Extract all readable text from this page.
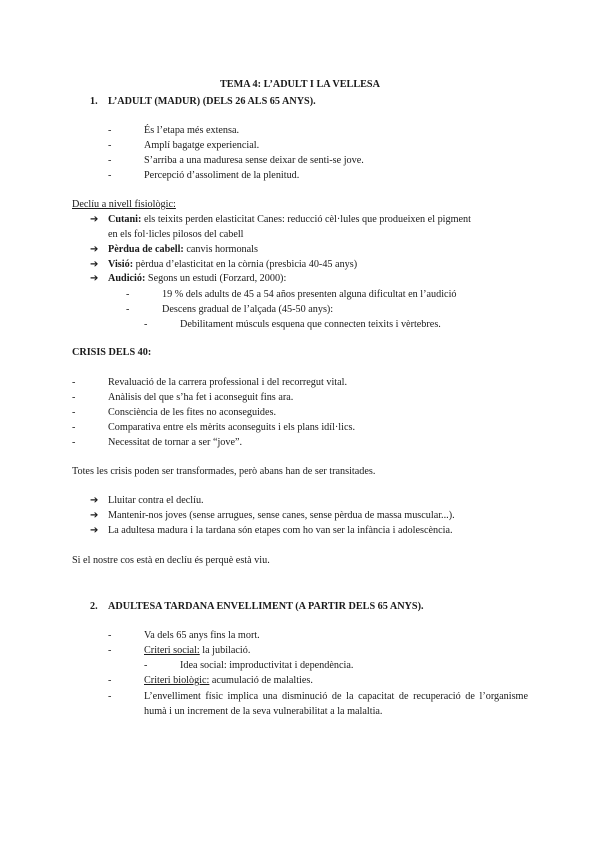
TEMA 4: L’ADULT I LA VELLESA
1. L’ADULT (MADUR) (DELS 26 ALS 65 ANYS).
- És l’etapa més extensa.
- Amplí bagatge experiencial.
- S’arriba a una maduresa sense deixar de senti-se jove.
- Percepció d’assoliment de la plenitud.
Declíu a nivell fisiològic:
➔ Cutani: els teixits perden elasticitat Canes: reducció cèl·lules que produeixen el pigment
en els fol·licles pilosos del cabell
➔ Pèrdua de cabell: canvis hormonals
➔ Visió: pèrdua d’elasticitat en la còrnia (presbicia 40-45 anys)
➔ Audició: Segons un estudi (Forzard, 2000):
- 19 % dels adults de 45 a 54 años presenten alguna dificultat en l’audició
- Descens gradual de l’alçada (45-50 anys):
- Debilitament músculs esquena que connecten teixits i vèrtebres.
CRISIS DELS 40:
- Revaluació de la carrera professional i del recorregut vital.
- Anàlisis del que s’ha fet i aconseguit fins ara.
- Consciència de les fites no aconseguides.
- Comparativa entre els mèrits aconseguits i els plans idíl·lics.
- Necessitat de tornar a ser “jove”.
Totes les crisis poden ser transformades, però abans han de ser transitades.
➔ Lluitar contra el declíu.
➔ Mantenir-nos joves (sense arrugues, sense canes, sense pèrdua de massa muscular...).
➔ La adultesa madura i la tardana són etapes com ho van ser la infància i adolescència.
Si el nostre cos està en declíu és perquè està viu.
2. ADULTESA TARDANA ENVELLIMENT (A PARTIR DELS 65 ANYS).
- Va dels 65 anys fins la mort.
- Criteri social: la jubilació.
- Idea social: improductivitat i dependència.
- Criteri biològic: acumulació de malalties.
- L’envelliment físic implica una disminució de la capacitat de recuperació de l’organisme humà i un increment de la seva vulnerabilitat a la malaltia.
